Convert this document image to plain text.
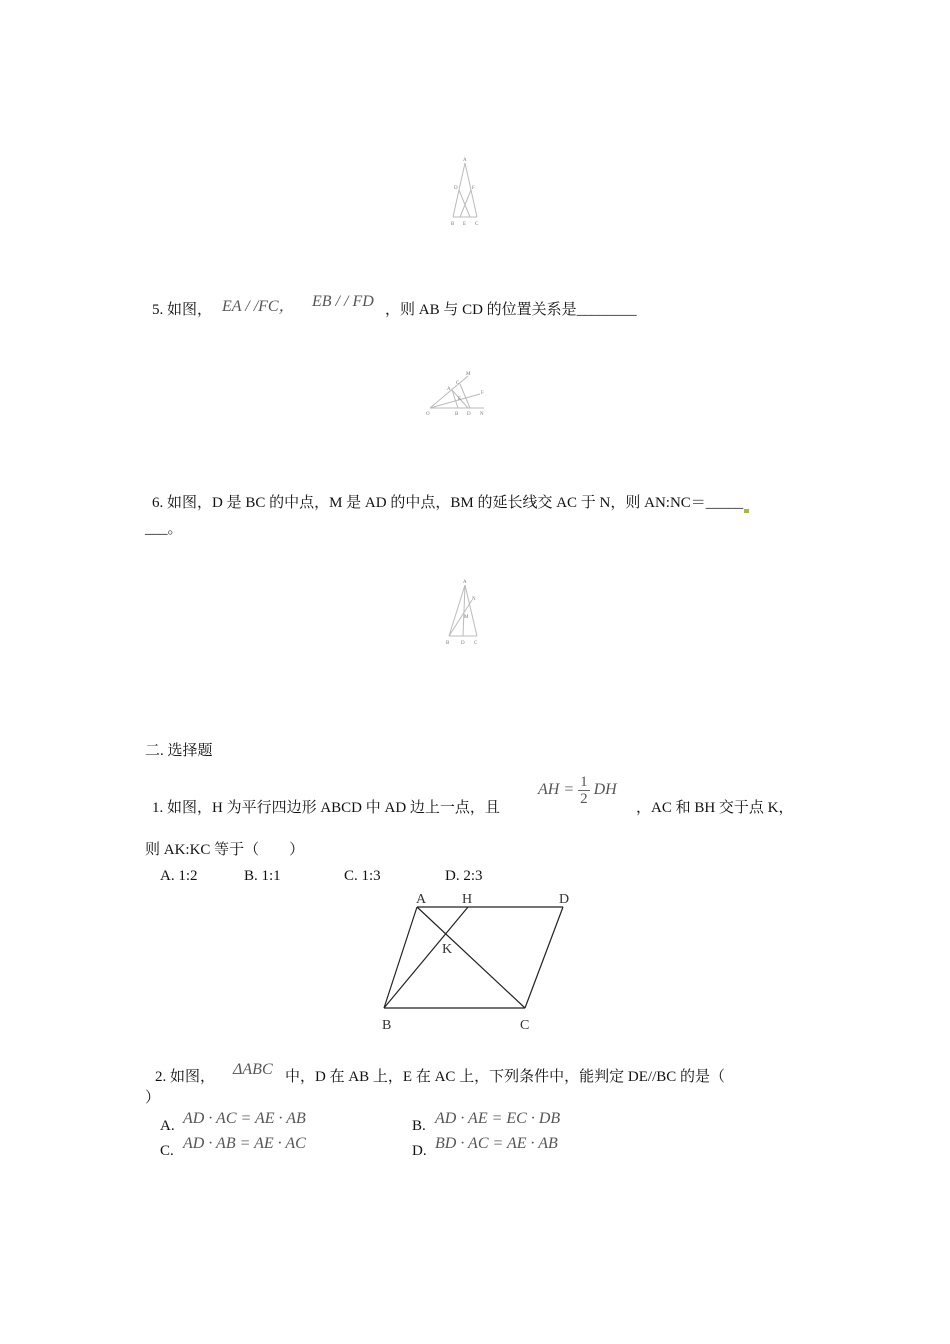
A
D	F
B E C
5. 如图， EA / /FC， EB / / FD ，则 AB 与 CD 的位置关系是________
M
C
A
F
E
O	B D N
6. 如图，D 是 BC 的中点，M 是 AD 的中点，BM 的延长线交 AC 于 N，则 AN:NC＝_____
___。
A
N
M
B D C
二. 选择题
1. 如图，H 为平行四边形 ABCD 中 AD 边上一点，且
AH = $\frac{1}{2}$ DH
，AC 和 BH 交于点 K，
则 AK:KC 等于（　　）
A. 1:2	B. 1:1	C. 1:3	D. 2:3
A	H	D
K
B	C
2. 如图， ΔABC 中，D 在 AB 上，E 在 AC 上，下列条件中，能判定 DE//BC 的是（
）
A. AD · AC = AE · AB	B. AD · AE = EC · DB
C. AD · AB = AE · AC	D. BD · AC = AE · AB
